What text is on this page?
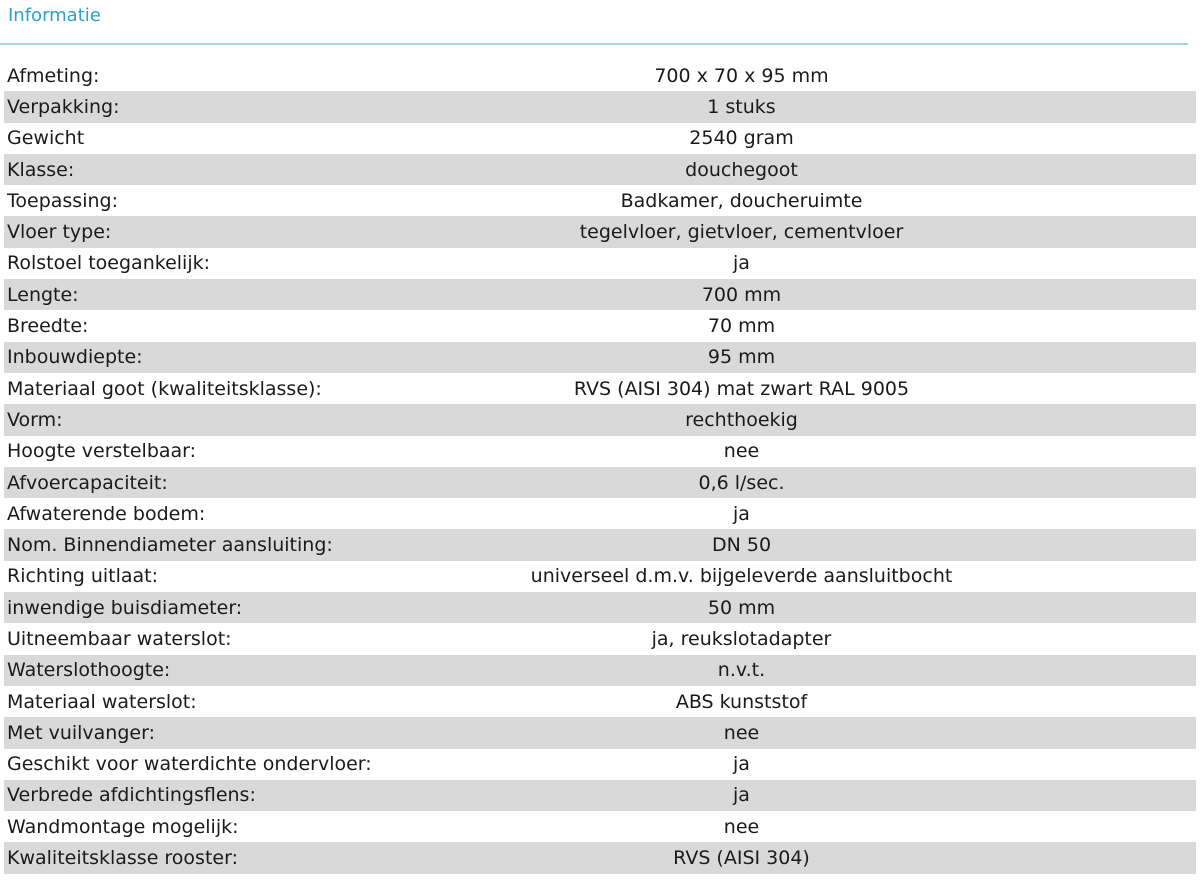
Informatie
Afmeting:	700 x 70 x 95 mm
Verpakking:	1 stuks
Gewicht	2540 gram
Klasse:	douchegoot
Toepassing:	Badkamer, doucheruimte
Vloer type:	tegelvloer, gietvloer, cementvloer
Rolstoel toegankelijk:	ja
Lengte:	700 mm
Breedte:	70 mm
Inbouwdiepte:	95 mm
Materiaal goot (kwaliteitsklasse):	RVS (AISI 304) mat zwart RAL 9005
Vorm:	rechthoekig
Hoogte verstelbaar:	nee
Afvoercapaciteit:	0,6 l/sec.
Afwaterende bodem:	ja
Nom. Binnendiameter aansluiting:	DN 50
Richting uitlaat:	universeel d.m.v. bijgeleverde aansluitbocht
inwendige buisdiameter:	50 mm
Uitneembaar waterslot:	ja, reukslotadapter
Waterslothoogte:	n.v.t.
Materiaal waterslot:	ABS kunststof
Met vuilvanger:	nee
Geschikt voor waterdichte ondervloer:	ja
Verbrede afdichtingsflens:	ja
Wandmontage mogelijk:	nee
Kwaliteitsklasse rooster:	RVS (AISI 304)
